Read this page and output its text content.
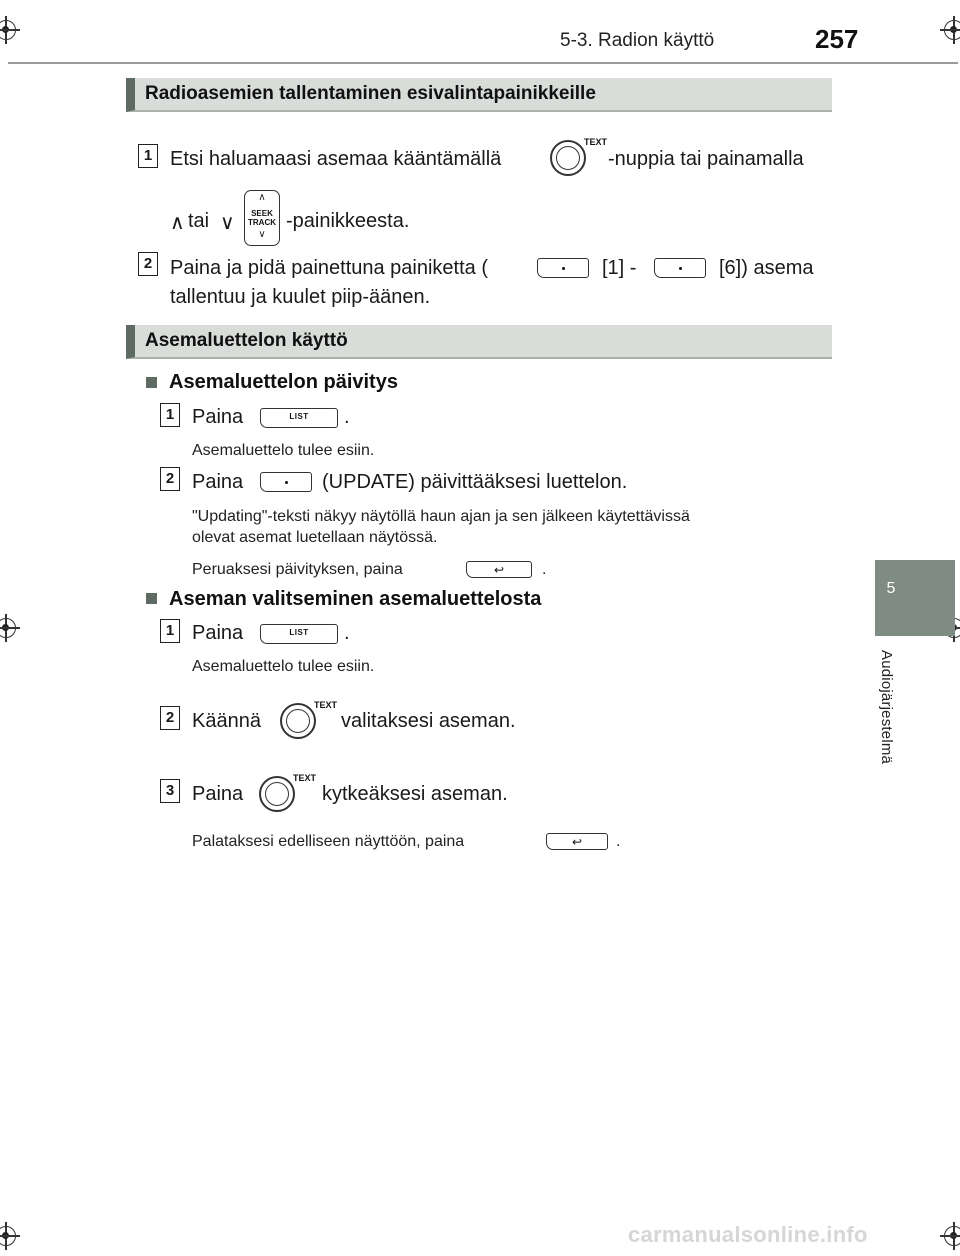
5-3. Radion käyttö	257
5
Audiojärjestelmä
Radioasemien tallentaminen esivalintapainikkeille
1 Etsi haluamaasi asemaa kääntämällä
TEXT
-nuppia tai painamalla
∧ tai ∨
∧
SEEK
TRACK
∨
-painikkeesta.
2 Paina ja pidä painettuna painiketta (	[1] -	[6]) asema
tallentuu ja kuulet piip-äänen.
Asemaluettelon käyttö
Asemaluettelon päivitys
1 Paina	LIST	.
Asemaluettelo tulee esiin.
2 Paina	(UPDATE) päivittääksesi luettelon.
"Updating"-teksti näkyy näytöllä haun ajan ja sen jälkeen käytettävissä
olevat asemat luetellaan näytössä.
Peruaksesi päivityksen, paina	↩	.
Aseman valitseminen asemaluettelosta
1 Paina	LIST	.
Asemaluettelo tulee esiin.
2 Käännä
TEXT
valitaksesi aseman.
3 Paina
TEXT
kytkeäksesi aseman.
Palataksesi edelliseen näyttöön, paina	↩	.
carmanualsonline.info
